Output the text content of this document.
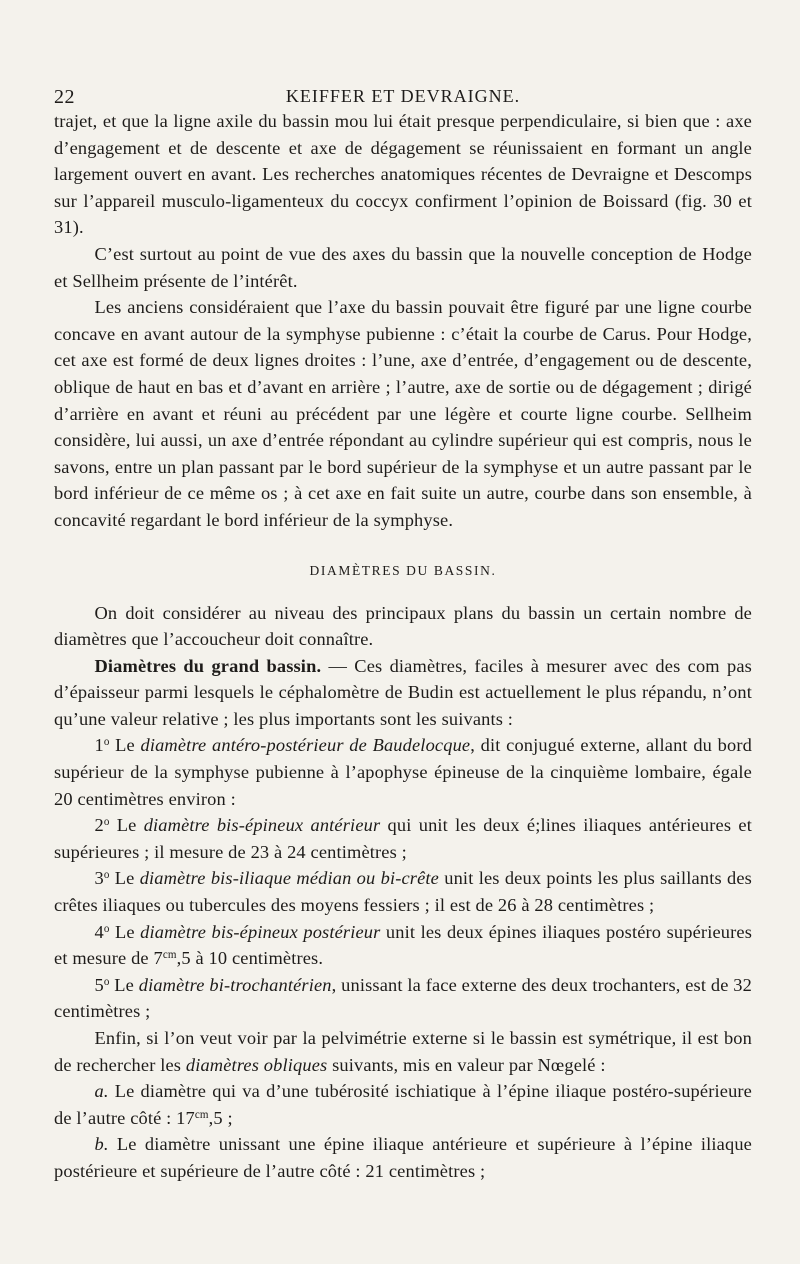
22	KEIFFER ET DEVRAIGNE.

trajet, et que la ligne axile du bassin mou lui était presque perpendiculaire, si bien que : axe d’engagement et de descente et axe de dégagement se réunissaient en formant un angle largement ouvert en avant. Les recherches anatomiques récentes de Devraigne et Descomps sur l’appareil musculo-ligamenteux du coccyx confirment l’opinion de Boissard (fig. 30 et 31).

C’est surtout au point de vue des axes du bassin que la nouvelle conception de Hodge et Sellheim présente de l’intérêt.

Les anciens considéraient que l’axe du bassin pouvait être figuré par une ligne courbe concave en avant autour de la symphyse pubienne : c’était la courbe de Carus. Pour Hodge, cet axe est formé de deux lignes droites : l’une, axe d’entrée, d’engagement ou de descente, oblique de haut en bas et d’avant en arrière ; l’autre, axe de sortie ou de dégagement ; dirigé d’arrière en avant et réuni au précédent par une légère et courte ligne courbe. Sellheim considère, lui aussi, un axe d’entrée répondant au cylindre supérieur qui est compris, nous le savons, entre un plan passant par le bord supérieur de la symphyse et un autre passant par le bord inférieur de ce même os ; à cet axe en fait suite un autre, courbe dans son ensemble, à concavité regardant le bord inférieur de la symphyse.

DIAMÈTRES DU BASSIN.

On doit considérer au niveau des principaux plans du bassin un certain nombre de diamètres que l’accoucheur doit connaître.

Diamètres du grand bassin. — Ces diamètres, faciles à mesurer avec des com pas d’épaisseur parmi lesquels le céphalomètre de Budin est actuellement le plus répandu, n’ont qu’une valeur relative ; les plus importants sont les suivants :

1$^o$ Le diamètre antéro-postérieur de Baudelocque, dit conjugué externe, allant du bord supérieur de la symphyse pubienne à l’apophyse épineuse de la cinquième lombaire, égale 20 centimètres environ :

2$^o$ Le diamètre bis-épineux antérieur qui unit les deux é;lines iliaques antérieures et supérieures ; il mesure de 23 à 24 centimètres ;

3$^o$ Le diamètre bis-iliaque médian ou bi-crête unit les deux points les plus saillants des crêtes iliaques ou tubercules des moyens fessiers ; il est de 26 à 28 centimètres ;

4$^o$ Le diamètre bis-épineux postérieur unit les deux épines iliaques postéro supérieures et mesure de $7^{cm},5$ à 10 centimètres.

5$^o$ Le diamètre bi-trochantérien, unissant la face externe des deux trochanters, est de 32 centimètres ;

Enfin, si l’on veut voir par la pelvimétrie externe si le bassin est symétrique, il est bon de rechercher les diamètres obliques suivants, mis en valeur par Nœgelé :

a. Le diamètre qui va d’une tubérosité ischiatique à l’épine iliaque postéro-supérieure de l’autre côté : $17^{cm},5$ ;

b. Le diamètre unissant une épine iliaque antérieure et supérieure à l’épine iliaque postérieure et supérieure de l’autre côté : 21 centimètres ;
